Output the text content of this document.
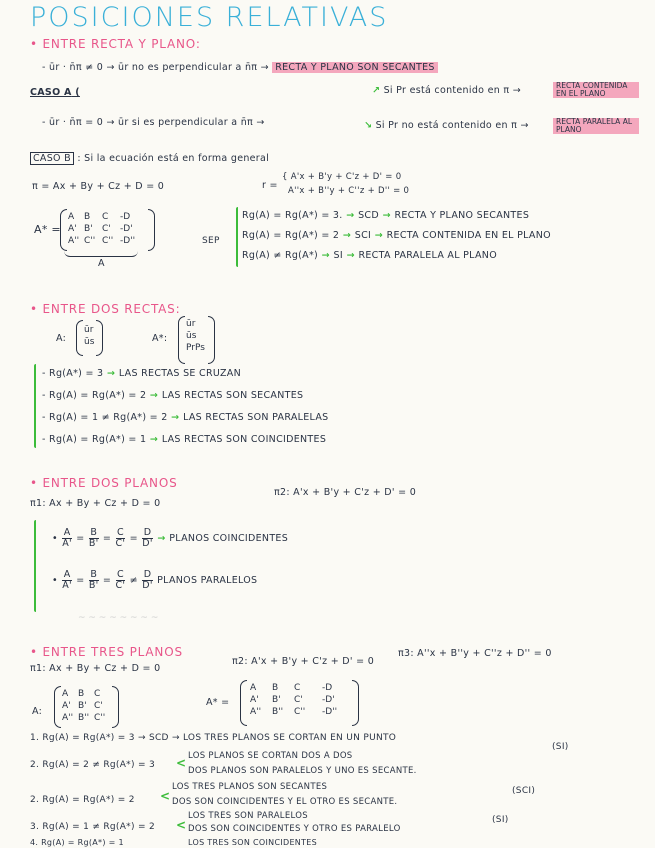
POSICIONES RELATIVAS
• ENTRE RECTA Y PLANO:
- ūr · n̄π ≠ 0 → ūr no es perpendicular a n̄π → RECTA Y PLANO SON SECANTES
CASO A (	↗ Si Pr está contenido en π →	RECTA CONTENIDA EN EL PLANO
- ūr · n̄π = 0 → ūr si es perpendicular a n̄π →	↘ Si Pr no está contenido en π →	RECTA PARALELA AL PLANO
CASO B : Si la ecuación está en forma general
π = Ax + By + Cz + D = 0	r =
{ A'x + B'y + C'z + D' = 0
A''x + B''y + C''z + D'' = 0
A* =
A B C -D
A' B' C' -D'
A'' C'' C'' -D''
A
SEP
Rg(A) = Rg(A*) = 3. → SCD → RECTA Y PLANO SECANTES
Rg(A) = Rg(A*) = 2 → SCI → RECTA CONTENIDA EN EL PLANO
Rg(A) ≠ Rg(A*) → SI → RECTA PARALELA AL PLANO
• ENTRE DOS RECTAS:
A:
ūr
ūs	A*:
ūr
ūs
PrPs
- Rg(A*) = 3 → LAS RECTAS SE CRUZAN
- Rg(A) = Rg(A*) = 2 → LAS RECTAS SON SECANTES
- Rg(A) = 1 ≠ Rg(A*) = 2 → LAS RECTAS SON PARALELAS
- Rg(A) = Rg(A*) = 1 → LAS RECTAS SON COINCIDENTES
• ENTRE DOS PLANOS
π1: Ax + By + Cz + D = 0
π2: A'x + B'y + C'z + D' = 0
• $\frac{A}{A'} = \frac{B}{B'} = \frac{C}{C'} = \frac{D}{D'}$ → PLANOS COINCIDENTES
• $\frac{A}{A'} = \frac{B}{B'} = \frac{C}{C'} \ne \frac{D}{D'}$ PLANOS PARALELOS
~ ~ ~ ~ ~ ~ ~ ~
• ENTRE TRES PLANOS
π1: Ax + By + Cz + D = 0
π2: A'x + B'y + C'z + D' = 0
π3: A''x + B''y + C''z + D'' = 0
A:
A B C
A' B' C'
A'' B'' C''
A* =
A B C -D
A' B' C' -D'
A'' B'' C'' -D''
1. Rg(A) = Rg(A*) = 3 → SCD → LOS TRES PLANOS SE CORTAN EN UN PUNTO
2. Rg(A) = 2 ≠ Rg(A*) = 3 < LOS PLANOS SE CORTAN DOS A DOS
DOS PLANOS SON PARALELOS Y UNO ES SECANTE.
(SI)
2. Rg(A) = Rg(A*) = 2 <
LOS TRES PLANOS SON SECANTES
DOS SON COINCIDENTES Y EL OTRO ES SECANTE.
(SCI)
3. Rg(A) = 1 ≠ Rg(A*) = 2 <
LOS TRES SON PARALELOS
DOS SON COINCIDENTES Y OTRO ES PARALELO
(SI)
4. Rg(A) = Rg(A*) = 1	LOS TRES SON COINCIDENTES
